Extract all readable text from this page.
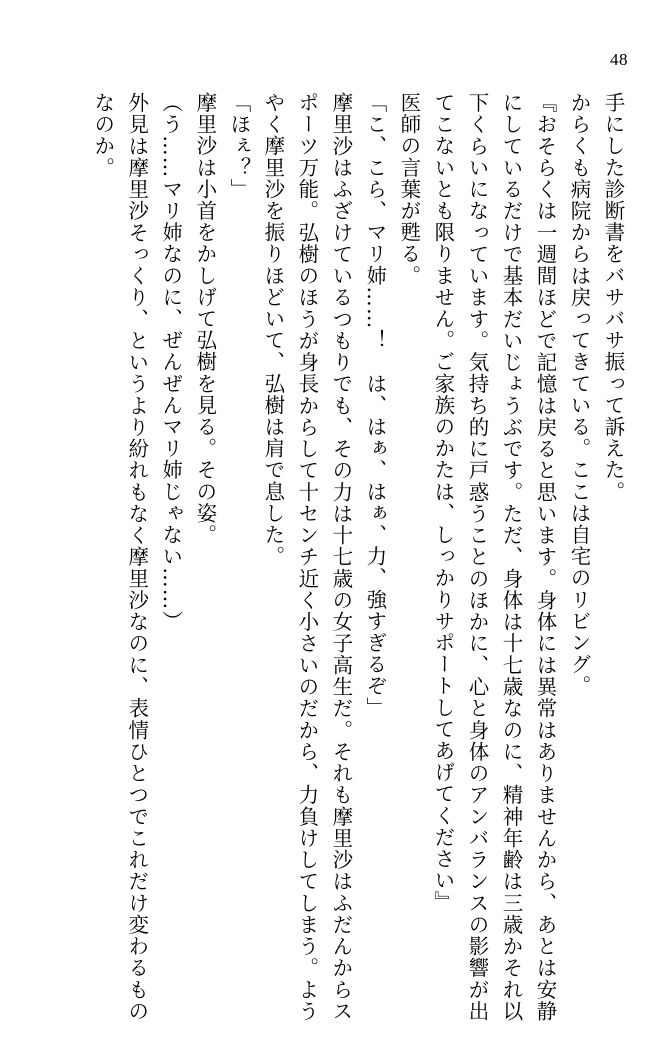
48

手にした診断書をバサバサ振って訴えた。

からくも病院からは戻ってきている。ここは自宅のリビング。

『おそらくは一週間ほどで記憶は戻ると思います。身体には異常はありませんから、あとは安静にしているだけで基本だいじょうぶです。ただ、身体は十七歳なのに、精神年齢は三歳かそれ以下くらいになっています。気持ち的に戸惑うことのほかに、心と身体のアンバランスの影響が出てこないとも限りません。ご家族のかたは、しっかりサポートしてあげてください』

医師の言葉が甦る。

「こ、こら、マリ姉……！　は、はぁ、はぁ、力、強すぎるぞ」

摩里沙はふざけているつもりでも、その力は十七歳の女子高生だ。それも摩里沙はふだんからスポーツ万能。弘樹のほうが身長からして十センチ近く小さいのだから、力負けしてしまう。ようやく摩里沙を振りほどいて、弘樹は肩で息した。

「ほぇ？」

摩里沙は小首をかしげて弘樹を見る。その姿。

（う……マリ姉なのに、ぜんぜんマリ姉じゃない……）

外見は摩里沙そっくり、というより紛れもなく摩里沙なのに、表情ひとつでこれだけ変わるものなのか。
